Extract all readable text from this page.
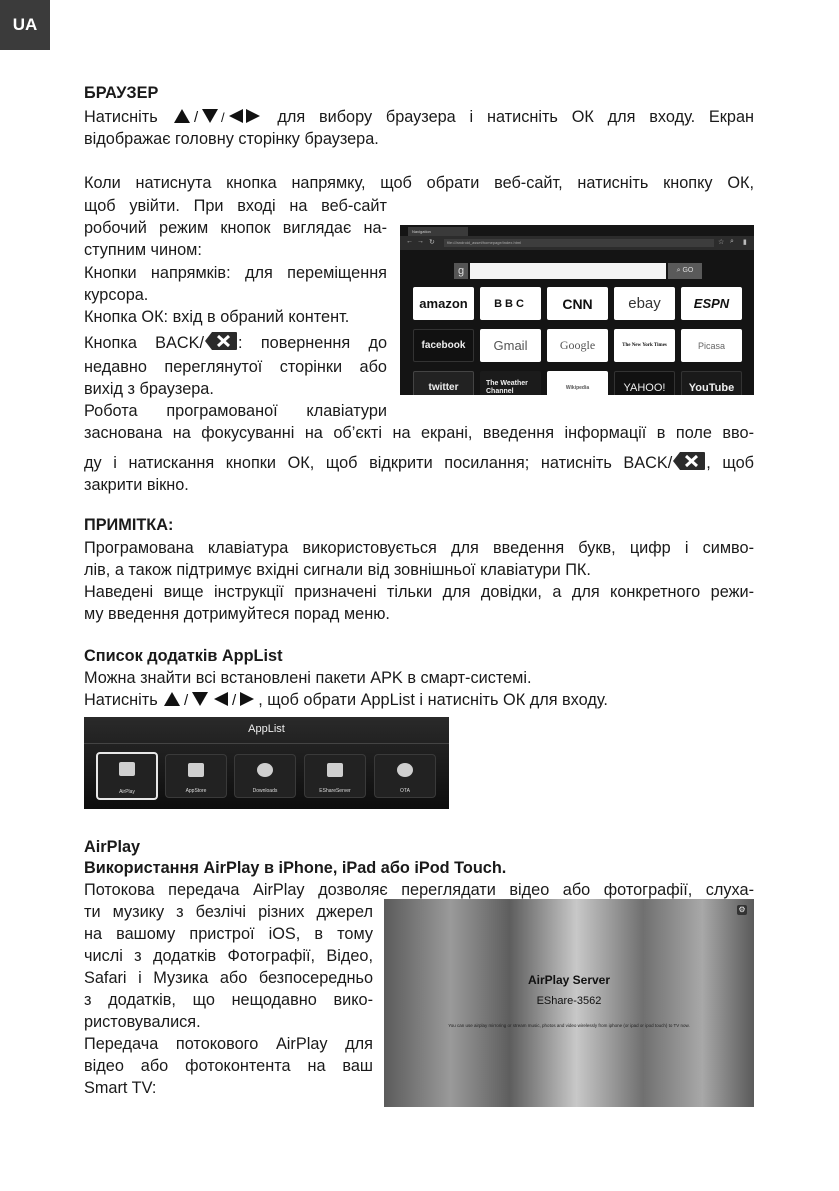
UA

БРАУЗЕР

Натисніть / /	для вибору браузера і натисніть ОК для входу. Екран

відображає головну сторінку браузера.

Коли натиснута кнопка напрямку, щоб обрати веб-сайт, натисніть кнопку ОК,

щоб увійти. При вході на веб-сайт

робочий режим кнопок виглядає на-

ступним чином:

Кнопки напрямків: для переміщення

курсора.

Кнопка ОК: вхід в обраний контент.

Кнопка BACK/ : повернення до

недавно переглянутої сторінки або

вихід з браузера.

Робота програмованої клавіатури

заснована на фокусуванні на об’єкті на екрані, введення інформації в поле вво-

ду і натискання кнопки ОК, щоб відкрити посилання; натисніть BACK/ , щоб

закрити вікно.

Navigation
← → ↻	file:///android_asset/homepage/index.html	☆ ⌕ ▮
g	⌕ GO
amazon	BBC	CNN	ebay	ESPN
facebook	Gmail	Google	The New York Times	Picasa
twitter	The Weather Channel	Wikipedia	YAHOO!	YouTube

ПРИМІТКА:

Програмована клавіатура використовується для введення букв, цифр і симво-

лів, а також підтримує вхідні сигнали від зовнішньої клавіатури ПК.

Наведені вище інструкції призначені тільки для довідки, а для конкретного режи-

му введення дотримуйтеся порад меню.

Список додатків AppList

Можна знайти всі встановлені пакети APK в смарт-системі.

Натисніть /	/ , щоб обрати AppList і натисніть ОК для входу.

AppList
AirPlay	AppStore	Downloads	EShareServer	OTA

AirPlay

Використання AirPlay в iPhone, iPad або iPod Touch.

Потокова передача AirPlay дозволяє переглядати відео або фотографії, слуха-

ти музику з безлічі різних джерел

на вашому пристрої iOS, в тому

числі з додатків Фотографії, Відео,

Safari і Музика або безпосередньо

з додатків, що нещодавно вико-

ристовувалися.

Передача потокового AirPlay для

відео або фотоконтента на ваш

Smart TV:

⚙
AirPlay Server
EShare-3562
You can use airplay mirroring or stream music, photos and video wirelessly from iphone (or ipad or ipod touch) to TV now.
